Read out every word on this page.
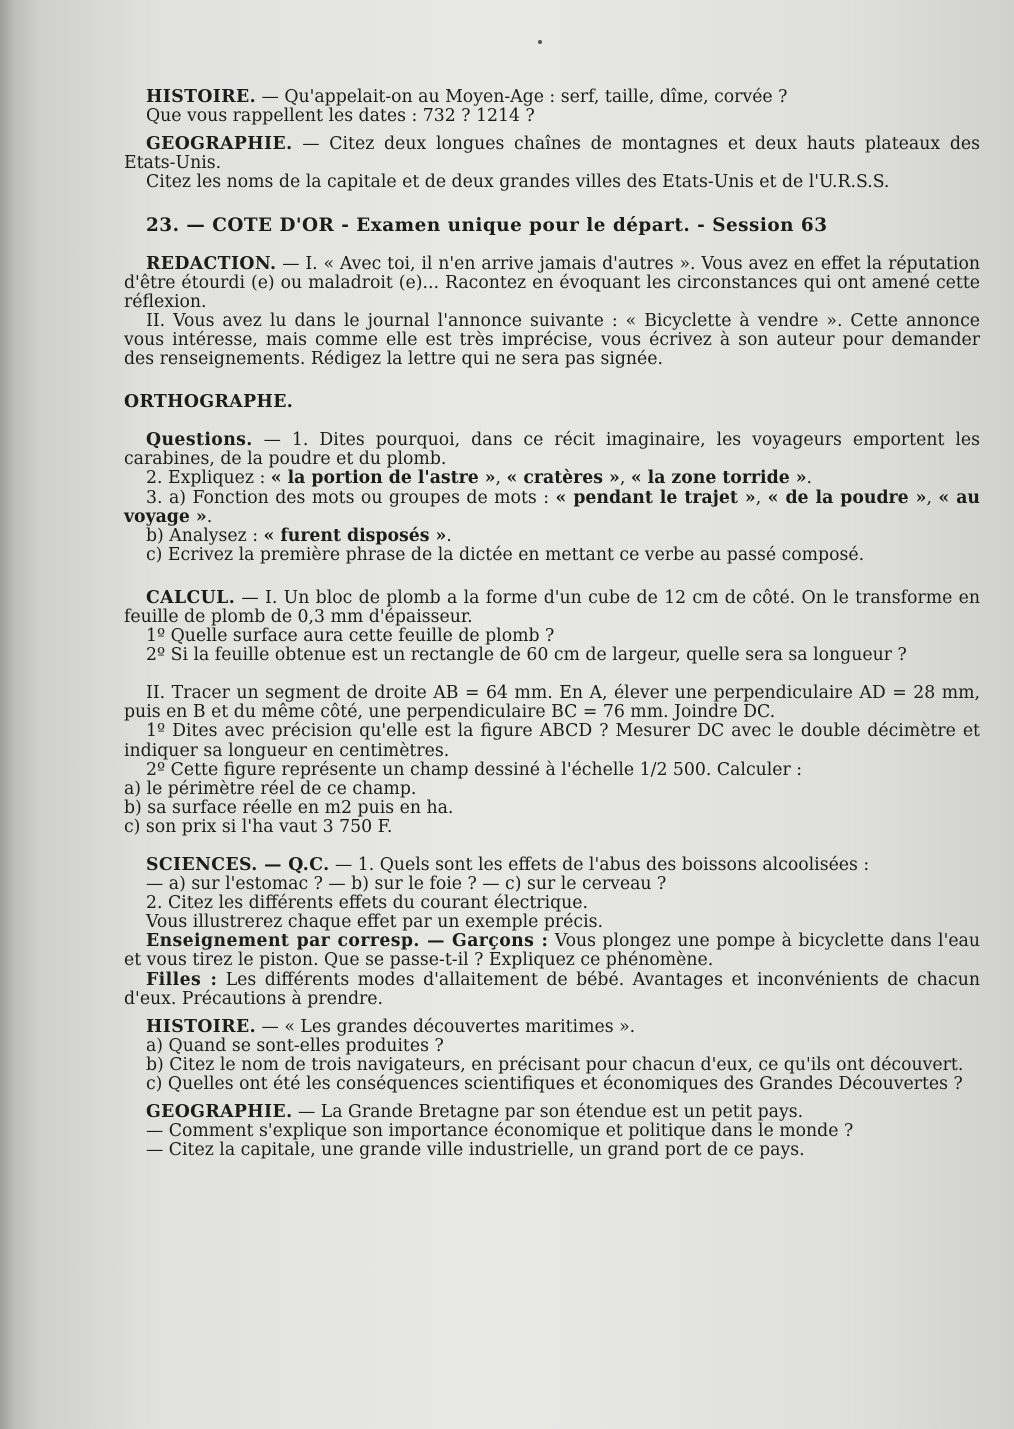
HISTOIRE. — Qu'appelait-on au Moyen-Age : serf, taille, dîme, corvée ?

Que vous rappellent les dates : 732 ? 1214 ?

GEOGRAPHIE. — Citez deux longues chaînes de montagnes et deux hauts plateaux des Etats-Unis.

Citez les noms de la capitale et de deux grandes villes des Etats-Unis et de l'U.R.S.S.

23. — COTE D'OR - Examen unique pour le départ. - Session 63

REDACTION. — I. « Avec toi, il n'en arrive jamais d'autres ». Vous avez en effet la réputation d'être étourdi (e) ou maladroit (e)... Racontez en évoquant les circonstances qui ont amené cette réflexion.

II. Vous avez lu dans le journal l'annonce suivante : « Bicyclette à vendre ». Cette annonce vous intéresse, mais comme elle est très imprécise, vous écrivez à son auteur pour demander des renseignements. Rédigez la lettre qui ne sera pas signée.

ORTHOGRAPHE.

Questions. — 1. Dites pourquoi, dans ce récit imaginaire, les voyageurs emportent les carabines, de la poudre et du plomb.

2. Expliquez : « la portion de l'astre », « cratères », « la zone torride ».

3. a) Fonction des mots ou groupes de mots : « pendant le trajet », « de la poudre », « au voyage ».

b) Analysez : « furent disposés ».

c) Ecrivez la première phrase de la dictée en mettant ce verbe au passé composé.

CALCUL. — I. Un bloc de plomb a la forme d'un cube de 12 cm de côté. On le transforme en feuille de plomb de 0,3 mm d'épaisseur.

1º Quelle surface aura cette feuille de plomb ?

2º Si la feuille obtenue est un rectangle de 60 cm de largeur, quelle sera sa longueur ?

II. Tracer un segment de droite AB = 64 mm. En A, élever une perpendiculaire AD = 28 mm, puis en B et du même côté, une perpendiculaire BC = 76 mm. Joindre DC.

1º Dites avec précision qu'elle est la figure ABCD ? Mesurer DC avec le double décimètre et indiquer sa longueur en centimètres.

2º Cette figure représente un champ dessiné à l'échelle 1/2 500. Calculer :

a) le périmètre réel de ce champ.

b) sa surface réelle en m2 puis en ha.

c) son prix si l'ha vaut 3 750 F.

SCIENCES. — Q.C. — 1. Quels sont les effets de l'abus des boissons alcoolisées :

— a) sur l'estomac ? — b) sur le foie ? — c) sur le cerveau ?

2. Citez les différents effets du courant électrique.

Vous illustrerez chaque effet par un exemple précis.

Enseignement par corresp. — Garçons : Vous plongez une pompe à bicyclette dans l'eau et vous tirez le piston. Que se passe-t-il ? Expliquez ce phénomène.

Filles : Les différents modes d'allaitement de bébé. Avantages et inconvénients de chacun d'eux. Précautions à prendre.

HISTOIRE. — « Les grandes découvertes maritimes ».

a) Quand se sont-elles produites ?

b) Citez le nom de trois navigateurs, en précisant pour chacun d'eux, ce qu'ils ont découvert.

c) Quelles ont été les conséquences scientifiques et économiques des Grandes Découvertes ?

GEOGRAPHIE. — La Grande Bretagne par son étendue est un petit pays.

— Comment s'explique son importance économique et politique dans le monde ?

— Citez la capitale, une grande ville industrielle, un grand port de ce pays.
